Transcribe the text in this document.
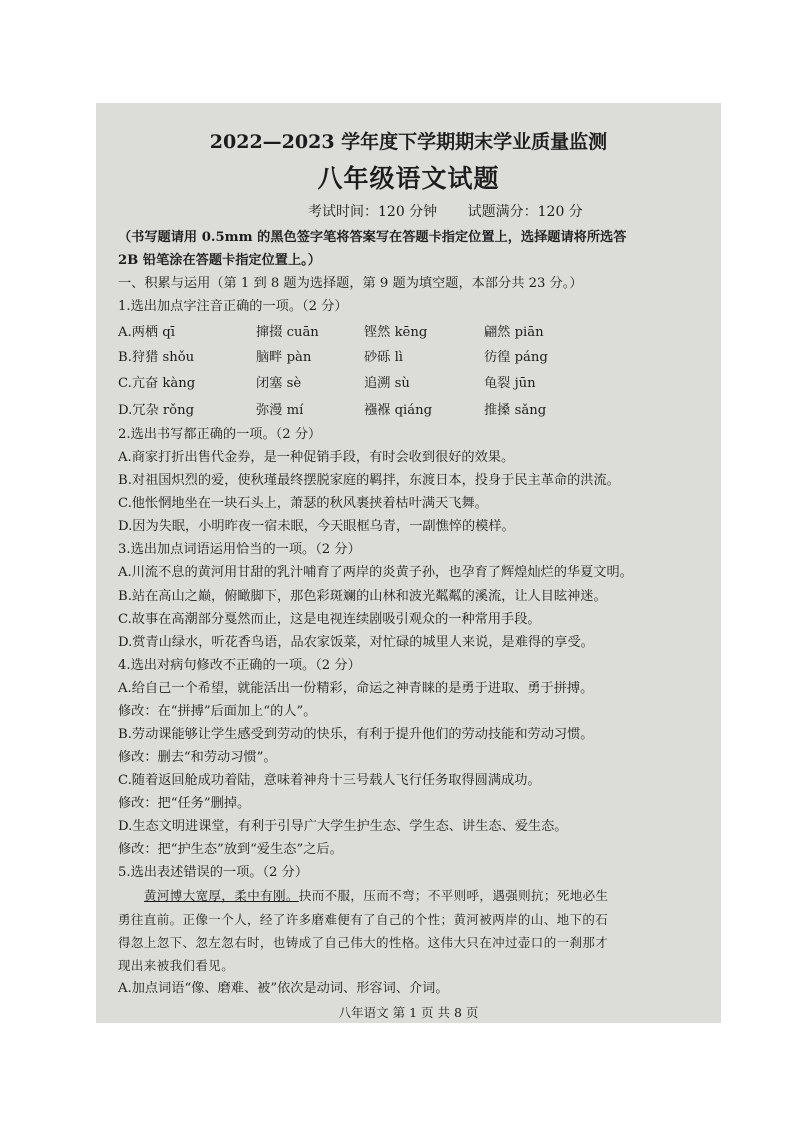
2022—2023 学年度下学期期末学业质量监测
八年级语文试题
考试时间：120 分钟 试题满分：120 分
（书写题请用 0.5mm 的黑色签字笔将答案写在答题卡指定位置上，选择题请将所选答
2B 铅笔涂在答题卡指定位置上。）
一、积累与运用（第 1 到 8 题为选择题，第 9 题为填空题，本部分共 23 分。）
1.选出加点字注音正确的一项。（2 分）
A.两栖 qī	撺掇 cuān	铿然 kēng	翩然 piān
B.狩猎 shǒu	脑畔 pàn	砂砾 lì	彷徨 páng
C.亢奋 kàng	闭塞 sè	追溯 sù	龟裂 jūn
D.冗杂 rǒng	弥漫 mí	襁褓 qiáng	推搡 sǎng
2.选出书写都正确的一项。（2 分）
A.商家打折出售代金券，是一种促销手段，有时会收到很好的效果。
B.对祖国炽烈的爱，使秋瑾最终摆脱家庭的羁拌，东渡日本，投身于民主革命的洪流。
C.他怅惘地坐在一块石头上，萧瑟的秋风裹挟着枯叶满天飞舞。
D.因为失眠，小明昨夜一宿未眠，今天眼框乌青，一副憔悴的模样。
3.选出加点词语运用恰当的一项。（2 分）
A.川流不息的黄河用甘甜的乳汁哺育了两岸的炎黄子孙，也孕育了辉煌灿烂的华夏文明。
B.站在高山之巅，俯瞰脚下，那色彩斑斓的山林和波光粼粼的溪流，让人目眩神迷。
C.故事在高潮部分戛然而止，这是电视连续剧吸引观众的一种常用手段。
D.赏青山绿水，听花香鸟语，品农家饭菜，对忙碌的城里人来说，是难得的享受。
4.选出对病句修改不正确的一项。（2 分）
A.给自己一个希望，就能活出一份精彩，命运之神青睐的是勇于进取、勇于拼搏。
修改：在“拼搏”后面加上“的人”。
B.劳动课能够让学生感受到劳动的快乐，有利于提升他们的劳动技能和劳动习惯。
修改：删去“和劳动习惯”。
C.随着返回舱成功着陆，意味着神舟十三号载人飞行任务取得圆满成功。
修改：把“任务”删掉。
D.生态文明进课堂，有利于引导广大学生护生态、学生态、讲生态、爱生态。
修改：把“护生态”放到“爱生态”之后。
5.选出表述错误的一项。（2 分）
黄河博大宽厚，柔中有刚。抉而不服，压而不弯；不平则呼，遇强则抗；死地必生
勇往直前。正像一个人，经了许多磨难便有了自己的个性；黄河被两岸的山、地下的石
得忽上忽下、忽左忽右时，也铸成了自己伟大的性格。这伟大只在冲过壶口的一刹那才
现出来被我们看见。
A.加点词语“像、磨难、被”依次是动词、形容词、介词。
八年语文 第 1 页 共 8 页
